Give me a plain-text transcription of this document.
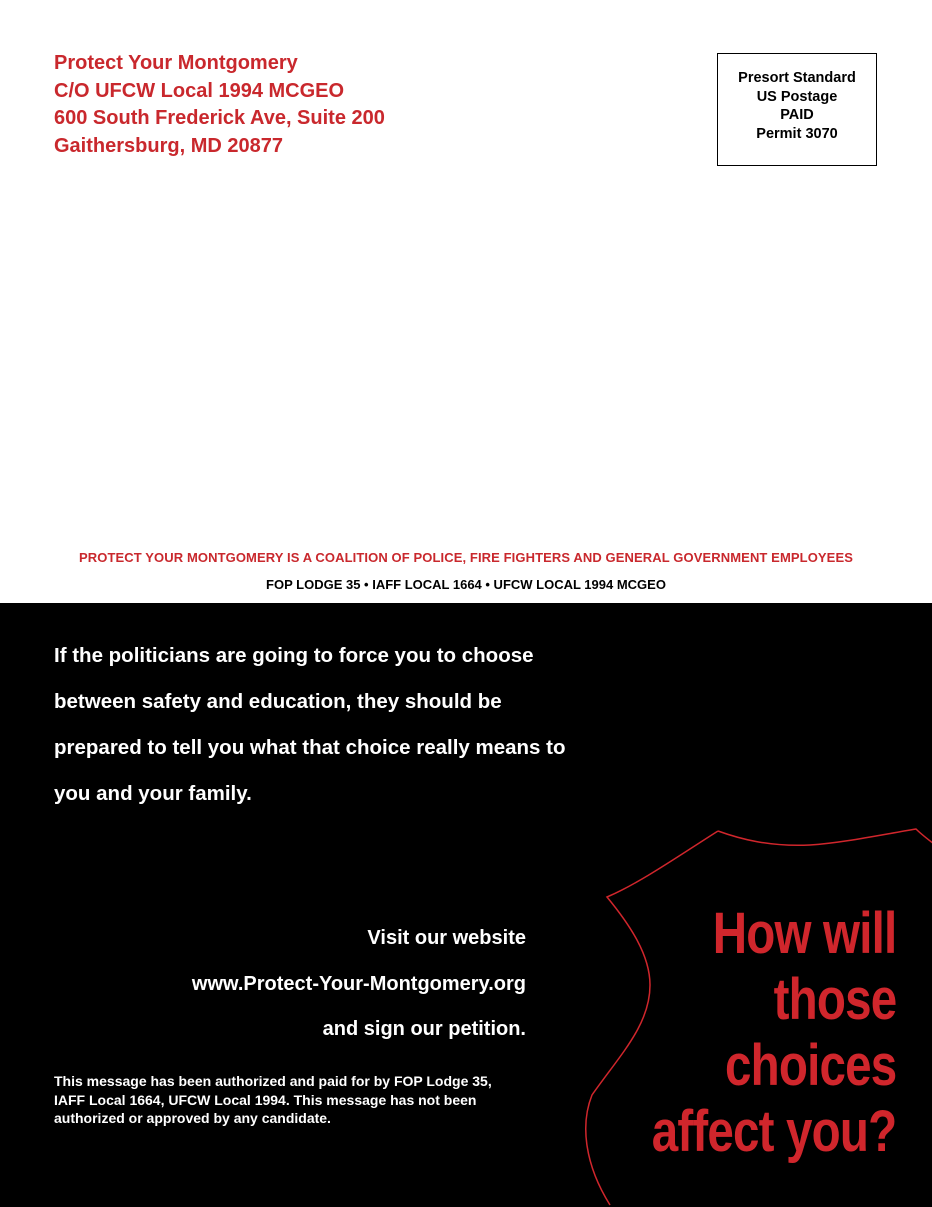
Protect Your Montgomery
C/O UFCW Local 1994 MCGEO
600 South Frederick Ave, Suite 200
Gaithersburg, MD 20877
Presort Standard
US Postage
PAID
Permit 3070
PROTECT YOUR MONTGOMERY IS A COALITION OF POLICE, FIRE FIGHTERS AND GENERAL GOVERNMENT EMPLOYEES
FOP LODGE 35 • IAFF LOCAL 1664 • UFCW LOCAL 1994 MCGEO
If the politicians are going to force you to choose
between safety and education, they should be
prepared to tell you what that choice really means to
you and your family.
Visit our website
www.Protect-Your-Montgomery.org
and sign our petition.
This message has been authorized and paid for by FOP Lodge 35, IAFF Local 1664, UFCW Local 1994. This message has not been authorized or approved by any candidate.
How will
those
choices
affect you?
